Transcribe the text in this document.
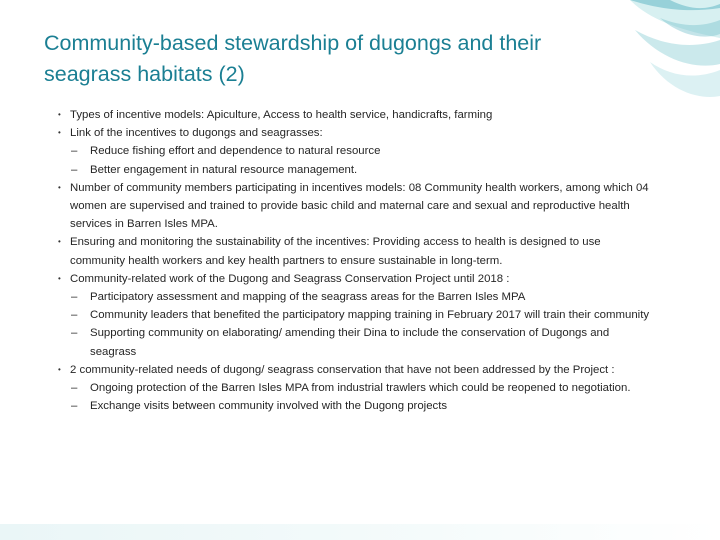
Community-based stewardship of dugongs and their seagrass habitats (2)
• Types of incentive models: Apiculture, Access to health service, handicrafts, farming
• Link of the incentives to dugongs and seagrasses:
– Reduce fishing effort and dependence to natural resource
– Better engagement in natural resource management.
• Number of community members participating in incentives models: 08 Community health workers, among which 04 women are supervised and trained to provide basic child and maternal care and sexual and reproductive health services in Barren Isles MPA.
• Ensuring and monitoring the sustainability of the incentives: Providing access to health is designed to use community health workers and key health partners to ensure sustainable in long-term.
• Community-related work of the Dugong and Seagrass Conservation Project until 2018 :
– Participatory assessment and mapping of the seagrass areas for the Barren Isles MPA
– Community leaders that benefited the participatory mapping training in February 2017 will train their community
– Supporting community on elaborating/ amending their Dina to include the conservation of Dugongs and seagrass
• 2 community-related needs of dugong/ seagrass conservation that have not been addressed by the Project :
– Ongoing protection of the Barren Isles MPA from industrial trawlers which could be reopened to negotiation.
– Exchange visits between community involved with the Dugong projects
